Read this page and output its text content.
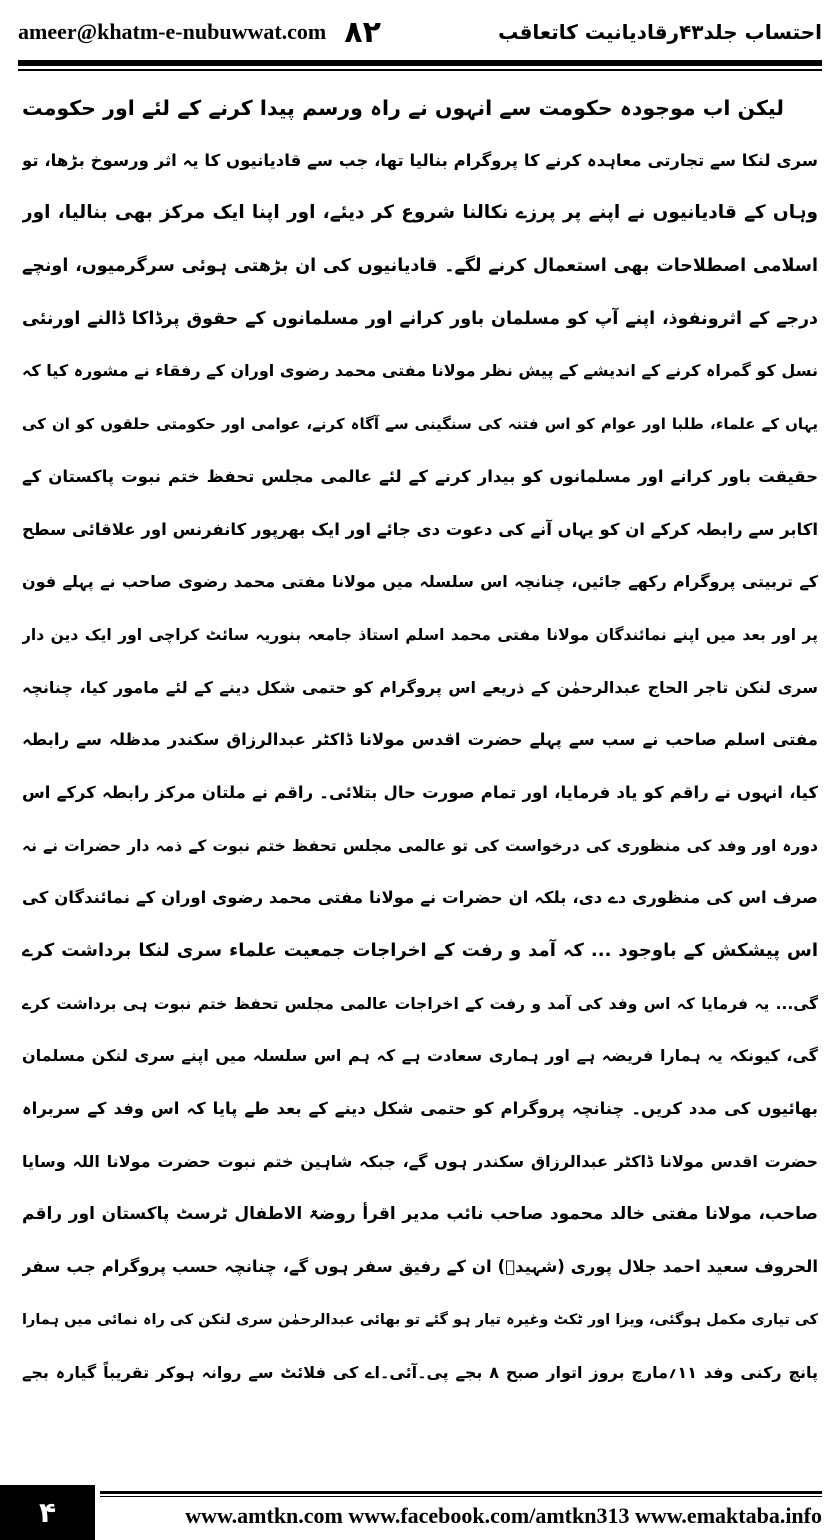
ameer@khatm-e-nubuwwat.com ۸۲	احتساب جلد۴۳رقادیانیت کاتعاقب
لیکن اب موجودہ حکومت سے انہوں نے راہ ورسم پیدا کرنے کے لئے اور حکومت
سری لنکا سے تجارتی معاہدہ کرنے کا پروگرام بنالیا تھا، جب سے قادیانیوں کا یہ اثر ورسوخ بڑھا، تو
وہاں کے قادیانیوں نے اپنے پر پرزے نکالنا شروع کر دیئے، اور اپنا ایک مرکز بھی بنالیا، اور
اسلامی اصطلاحات بھی استعمال کرنے لگے۔ قادیانیوں کی ان بڑھتی ہوئی سرگرمیوں، اونچے
درجے کے اثرونفوذ، اپنے آپ کو مسلمان باور کرانے اور مسلمانوں کے حقوق پرڈاکا ڈالنے اورنئی
نسل کو گمراہ کرنے کے اندیشے کے پیش نظر مولانا مفتی محمد رضوی اوران کے رفقاء نے مشورہ کیا کہ
یہاں کے علماء، طلبا اور عوام کو اس فتنہ کی سنگینی سے آگاہ کرنے، عوامی اور حکومتی حلقوں کو ان کی
حقیقت باور کرانے اور مسلمانوں کو بیدار کرنے کے لئے عالمی مجلس تحفظ ختم نبوت پاکستان کے
اکابر سے رابطہ کرکے ان کو یہاں آنے کی دعوت دی جائے اور ایک بھرپور کانفرنس اور علاقائی سطح
کے تربیتی پروگرام رکھے جائیں، چنانچہ اس سلسلہ میں مولانا مفتی محمد رضوی صاحب نے پہلے فون
پر اور بعد میں اپنے نمائندگان مولانا مفتی محمد اسلم استاذ جامعہ بنوریہ سائٹ کراچی اور ایک دین دار
سری لنکن تاجر الحاج عبدالرحمٰن کے ذریعے اس پروگرام کو حتمی شکل دینے کے لئے مامور کیا، چنانچہ
مفتی اسلم صاحب نے سب سے پہلے حضرت اقدس مولانا ڈاکٹر عبدالرزاق سکندر مدظلہ سے رابطہ
کیا، انہوں نے راقم کو یاد فرمایا، اور تمام صورت حال بتلائی۔ راقم نے ملتان مرکز رابطہ کرکے اس
دورہ اور وفد کی منظوری کی درخواست کی تو عالمی مجلس تحفظ ختم نبوت کے ذمہ دار حضرات نے نہ
صرف اس کی منظوری دے دی، بلکہ ان حضرات نے مولانا مفتی محمد رضوی اوران کے نمائندگان کی
اس پیشکش کے باوجود ... کہ آمد و رفت کے اخراجات جمعیت علماء سری لنکا برداشت کرے
گی... یہ فرمایا کہ اس وفد کی آمد و رفت کے اخراجات عالمی مجلس تحفظ ختم نبوت ہی برداشت کرے
گی، کیونکہ یہ ہمارا فریضہ ہے اور ہماری سعادت ہے کہ ہم اس سلسلہ میں اپنے سری لنکن مسلمان
بھائیوں کی مدد کریں۔ چنانچہ پروگرام کو حتمی شکل دینے کے بعد طے پایا کہ اس وفد کے سربراہ
حضرت اقدس مولانا ڈاکٹر عبدالرزاق سکندر ہوں گے، جبکہ شاہین ختم نبوت حضرت مولانا اللہ وسایا
صاحب، مولانا مفتی خالد محمود صاحب نائب مدیر اقرأ روضۃ الاطفال ٹرسٹ پاکستان اور راقم
الحروف سعید احمد جلال پوری (شہیدؒ) ان کے رفیق سفر ہوں گے، چنانچہ حسب پروگرام جب سفر
کی تیاری مکمل ہوگئی، ویزا اور ٹکٹ وغیرہ تیار ہو گئے تو بھائی عبدالرحمٰن سری لنکن کی راہ نمائی میں ہمارا
پانچ رکنی وفد ۱۱؍مارچ بروز اتوار صبح ۸ بجے پی۔آئی۔اے کی فلائٹ سے روانہ ہوکر تقریباً گیارہ بجے
۴	www.amtkn.com www.facebook.com/amtkn313 www.emaktaba.info
